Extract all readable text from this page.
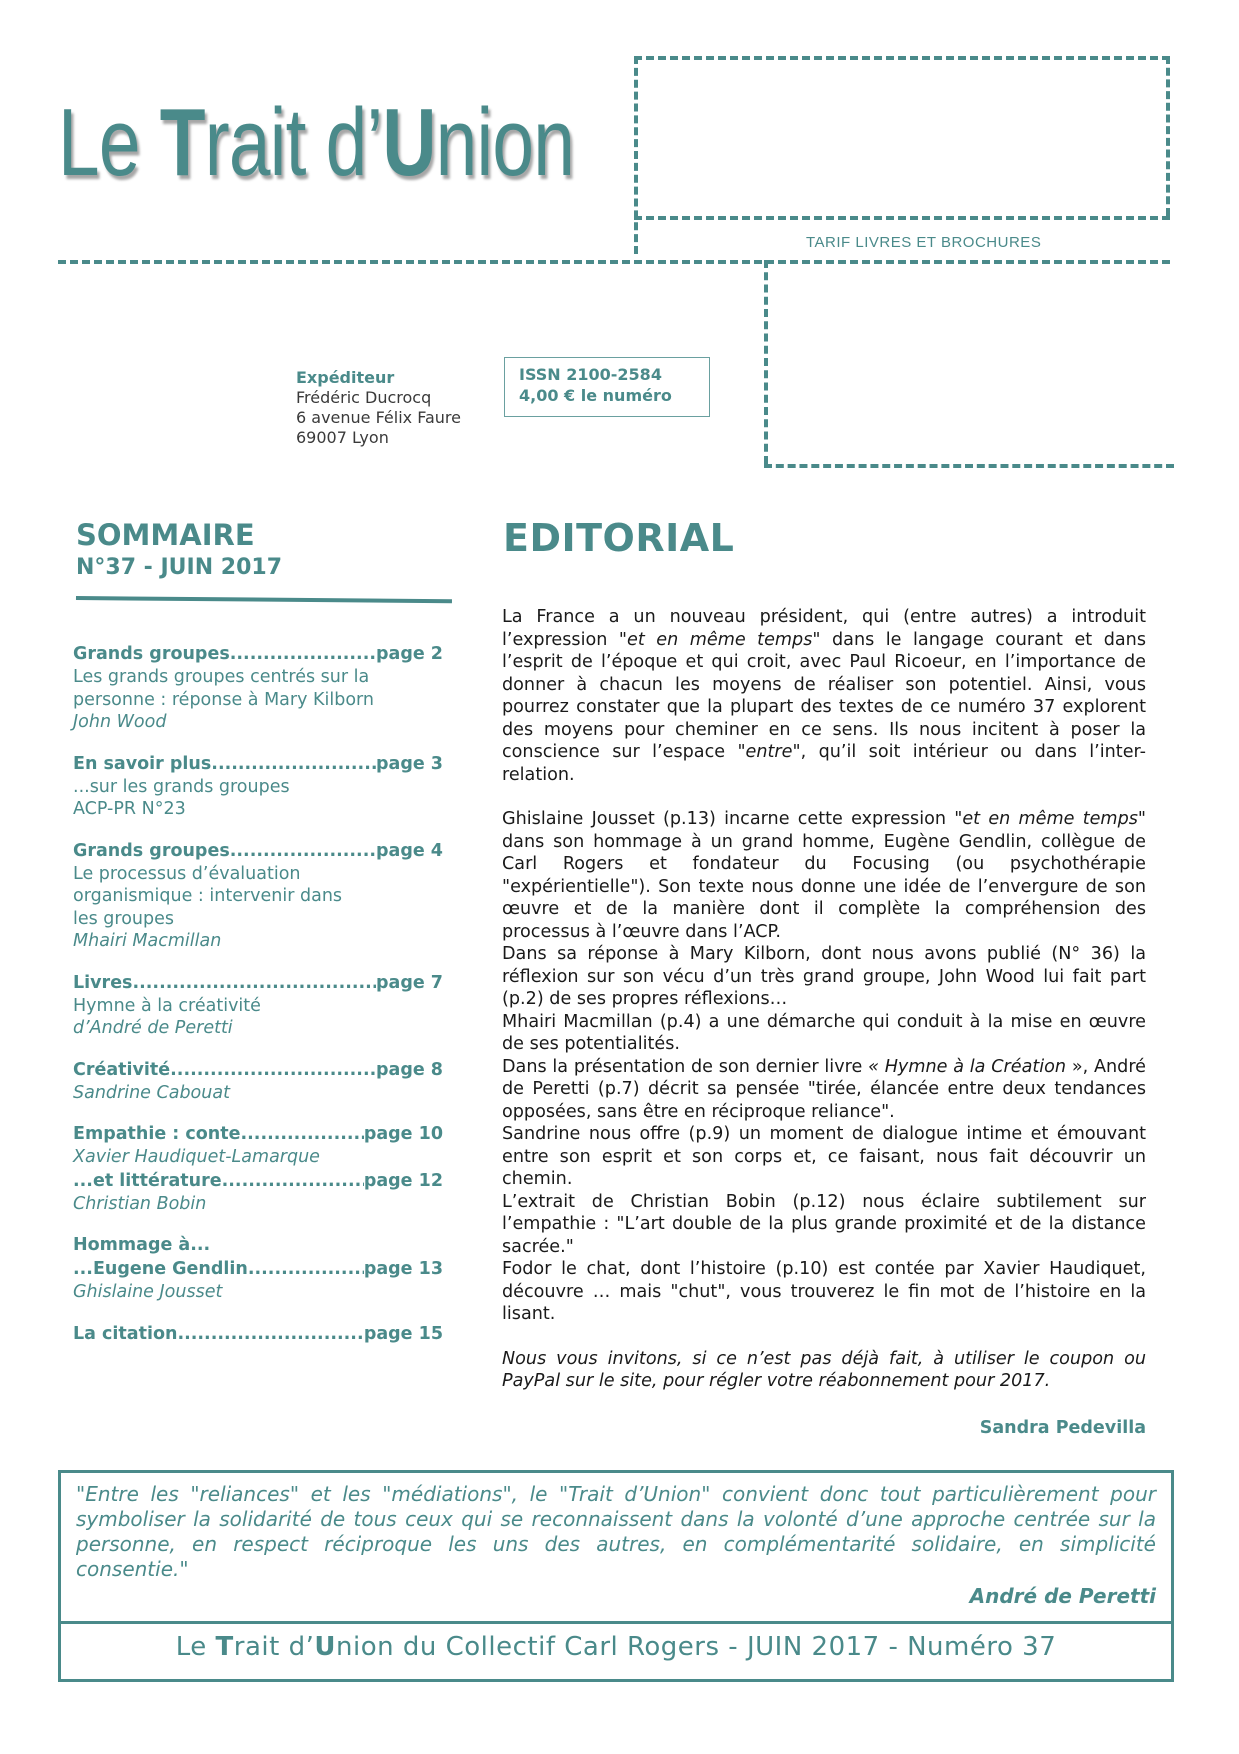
Le Trait d’Union
TARIF LIVRES ET BROCHURES
Expéditeur
Frédéric Ducrocq
6 avenue Félix Faure
69007 Lyon
ISSN 2100-2584
4,00 € le numéro
SOMMAIRE
N°37 - JUIN 2017
Grands groupes .....	page 2
Les grands groupes centrés sur la
personne : réponse à Mary Kilborn
John Wood
En savoir plus .....	page 3
...sur les grands groupes
ACP-PR N°23
Grands groupes .....	page 4
Le processus d’évaluation
organismique : intervenir dans
les groupes
Mhairi Macmillan
Livres .....	page 7
Hymne à la créativité
d’André de Peretti
Créativité .....	page 8
Sandrine Cabouat
Empathie : conte .....	page 10
Xavier Haudiquet-Lamarque
...et littérature .....	page 12
Christian Bobin
Hommage à...
...Eugene Gendlin .....	page 13
Ghislaine Jousset
La citation .....	page 15
EDITORIAL

La France a un nouveau président, qui (entre autres) a introduit l’expression "et en même temps" dans le langage courant et dans l’esprit de l’époque et qui croit, avec Paul Ricoeur, en l’importance de donner à chacun les moyens de réaliser son potentiel. Ainsi, vous pourrez constater que la plupart des textes de ce numéro 37 explorent des moyens pour cheminer en ce sens. Ils nous incitent à poser la conscience sur l’espace "entre", qu’il soit intérieur ou dans l’inter-relation.

Ghislaine Jousset (p.13) incarne cette expression "et en même temps" dans son hommage à un grand homme, Eugène Gendlin, collègue de Carl Rogers et fondateur du Focusing (ou psychothérapie "expérientielle"). Son texte nous donne une idée de l’envergure de son œuvre et de la manière dont il complète la compréhension des processus à l’œuvre dans l’ACP.

Dans sa réponse à Mary Kilborn, dont nous avons publié (N° 36) la réflexion sur son vécu d’un très grand groupe, John Wood lui fait part (p.2) de ses propres réflexions…

Mhairi Macmillan (p.4) a une démarche qui conduit à la mise en œuvre de ses potentialités.

Dans la présentation de son dernier livre « Hymne à la Création », André de Peretti (p.7) décrit sa pensée "tirée, élancée entre deux tendances opposées, sans être en réciproque reliance".

Sandrine nous offre (p.9) un moment de dialogue intime et émouvant entre son esprit et son corps et, ce faisant, nous fait découvrir un chemin.

L’extrait de Christian Bobin (p.12) nous éclaire subtilement sur l’empathie : "L’art double de la plus grande proximité et de la distance sacrée."

Fodor le chat, dont l’histoire (p.10) est contée par Xavier Haudiquet, découvre … mais "chut", vous trouverez le fin mot de l’histoire en la lisant.

Nous vous invitons, si ce n’est pas déjà fait, à utiliser le coupon ou PayPal sur le site, pour régler votre réabonnement pour 2017.

Sandra Pedevilla
"Entre les "reliances" et les "médiations", le "Trait d’Union" convient donc tout particulièrement pour symboliser la solidarité de tous ceux qui se reconnaissent dans la volonté d’une approche centrée sur la personne, en respect réciproque les uns des autres, en complémentarité solidaire, en simplicité consentie."
André de Peretti
Le Trait d’Union du Collectif Carl Rogers - JUIN 2017 - Numéro 37
